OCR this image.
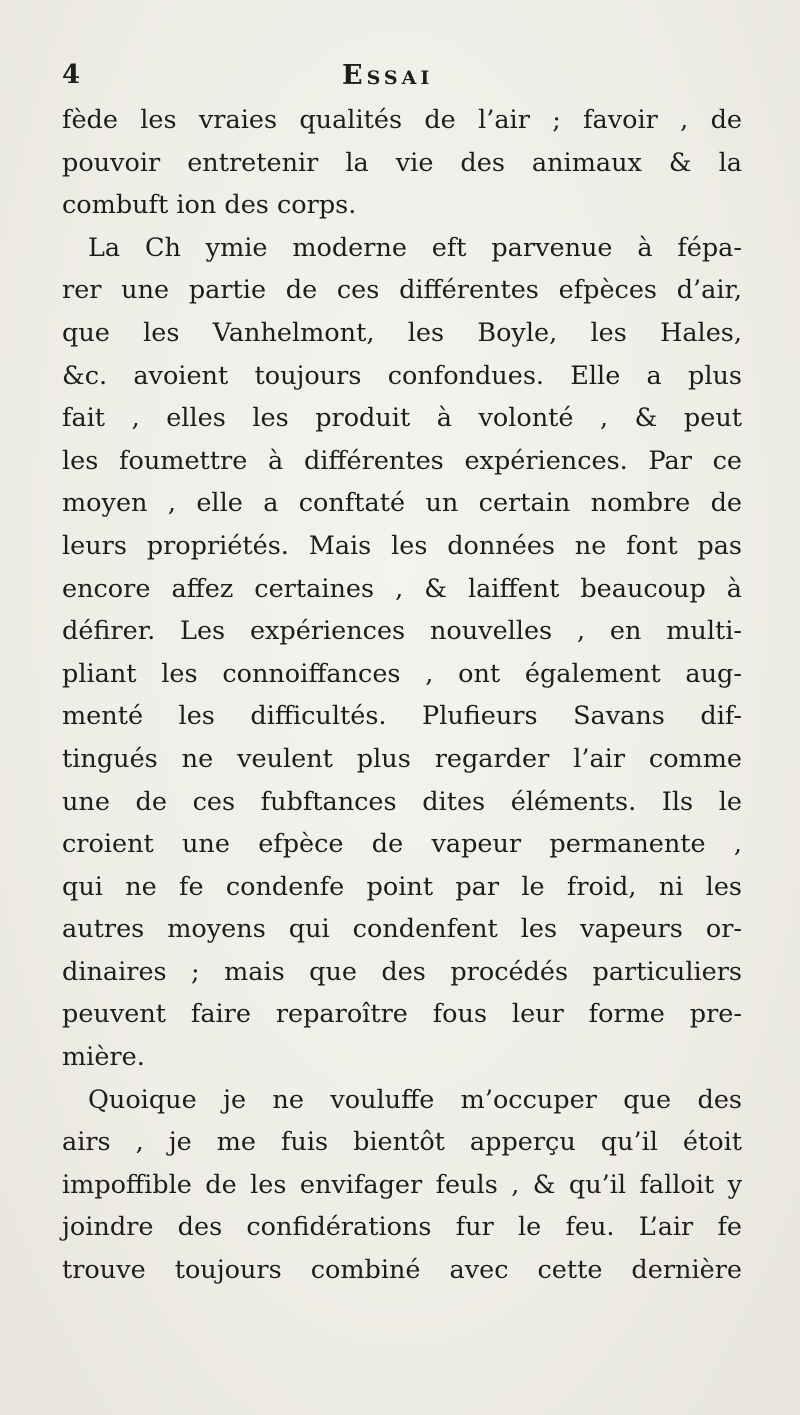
4	Essai
fède les vraies qualités de l’air ; favoir , de
pouvoir entretenir la vie des animaux & la
combuft ion des corps.
La Ch ymie moderne eft parvenue à fépa-
rer une partie de ces différentes efpèces d’air,
que les Vanhelmont, les Boyle, les Hales,
&c. avoient toujours confondues. Elle a plus
fait , elles les produit à volonté , & peut
les foumettre à différentes expériences. Par ce
moyen , elle a conftaté un certain nombre de
leurs propriétés. Mais les données ne font pas
encore affez certaines , & laiffent beaucoup à
défirer. Les expériences nouvelles , en multi-
pliant les connoiffances , ont également aug-
menté les difficultés. Plufieurs Savans dif-
tingués ne veulent plus regarder l’air comme
une de ces fubftances dites éléments. Ils le
croient une efpèce de vapeur permanente ,
qui ne fe condenfe point par le froid, ni les
autres moyens qui condenfent les vapeurs or-
dinaires ; mais que des procédés particuliers
peuvent faire reparoître fous leur forme pre-
mière.
Quoique je ne vouluffe m’occuper que des
airs , je me fuis bientôt apperçu qu’il étoit
impoffible de les envifager feuls , & qu’il falloit y
joindre des confidérations fur le feu. L’air fe
trouve toujours combiné avec cette dernière
